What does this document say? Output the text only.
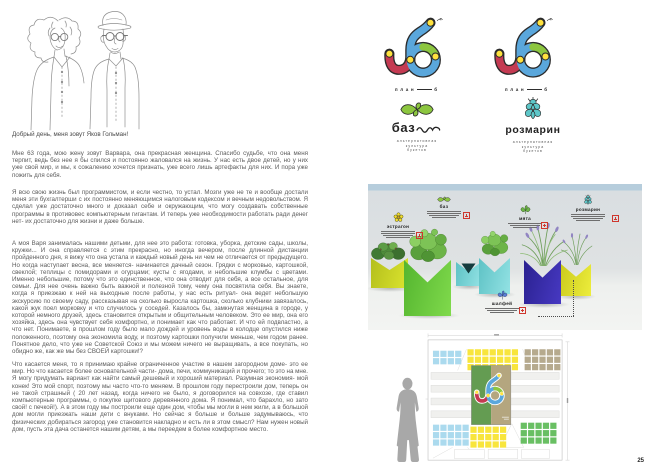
Добрый день, меня зовут Яков Гольман!
Мне 63 года, мою жену зовут Варвара, она прекрасная женщина. Спасибо судьбе, что она меня терпит, ведь без нее я бы спился и постоянно жаловался на жизнь. У нас есть двое детей, но у них уже свой мир, и мы, к сожалению хочется признать, уже всего лишь артефакты для них. И пора уже пожить для себя.
Я всю свою жизнь был программистом, и если честно, то устал. Мозги уже не те и вообще достали меня эти бухгалтерши с их постоянно меняющимся налоговым кодексом и вечным недовольством. Я сделал уже достаточно много и доказал себе и окружающим, что могу создавать собственные программы в противовес компьютерным гигантам. И теперь уже необходимости работать ради денег нет- их достаточно для жизни и даже больше.
А моя Варя занималась нашими детьми, для нее это работа: готовка, уборка, детские сады, школы, кружки... И она справляется с этим прекрасно, но иногда вечером, после длинной дистанции пройденного дня, я вижу что она устала и каждый новый день ни чем не отличается от предыдущего. Но когда наступает весна, все меняется- начинается дачный сезон. Грядки с морковью, картошкой, свеклой; теплицы с помидорами и огурцами; кусты с ягодами, и небольшие клумбы с цветами. Именно небольшие, потому что это единственное, что она отводит для себя, а все остальное, для семьи. Для нее очень важно быть важной и полезной тому, чему она посвятила себя. Вы знаете, когда я приезжаю к ней на выходные после работы, у нас есть ритуал- она ведет небольшую экскурсию по своему саду, рассказывая на сколько выросла картошка, сколько клубники завязалось, какой жук поел морковку и что случилось у соседей. Казалось бы, замкнутая женщина в городе, у которой немного друзей, здесь становится открытым и общительным человеком. Это ее мир, она его хозяйка, здесь она чувствует себя комфортно, и понимает как что работает. И что ей подвластно, а что нет. Понимаете, в прошлом году было мало дождей и уровень воды в колодце опустился ниже положенного, поэтому она экономила воду, и поэтому картошки получили меньше, чем годом ранее. Понятное дело, что уже не Советской Союз и мы можем ничего не выращивать, а все покупать, но обидно же, как же мы без СВОЕЙ картошки!?
Что касается меня, то я принимаю крайне ограниченное участие в нашем загородном доме- это ее мир. Но что касается более основательной части- дома, печи, коммуникаций и прочего; то это на мне. Я могу придумать вариант как найти самый дешевый и хороший материал. Разумная экономия- мой конек! Это мой спорт, поэтому мы часто что-то меняем. В прошлом году перестроили дом, теперь он не такой страшный ( 20 лет назад, когда ничего не было, я договорился на совхозе, где ставил компьютерные программы, о покупке щитового деревянного дома. Я понимал, что барахло, но зато свой! с печкой!). А в этом году мы построили еще один дом, чтобы мы могли в нем жили, а в большой дом могли приезжать наши дети с внуками. Но сейчас я больше и больше задумываюсь, что физических добираться загород уже становится накладно и есть ли в этом смысл? Нам нужен новый дом, пусть эта дача останется нашим детям, а мы переедем в более комфортное место.
план	б	план	б
баз
альтернативная
культура
букетов
розмарин
альтернативная
культура
букетов
эстрагон
баз
мята
розмарин
шалфей
25
